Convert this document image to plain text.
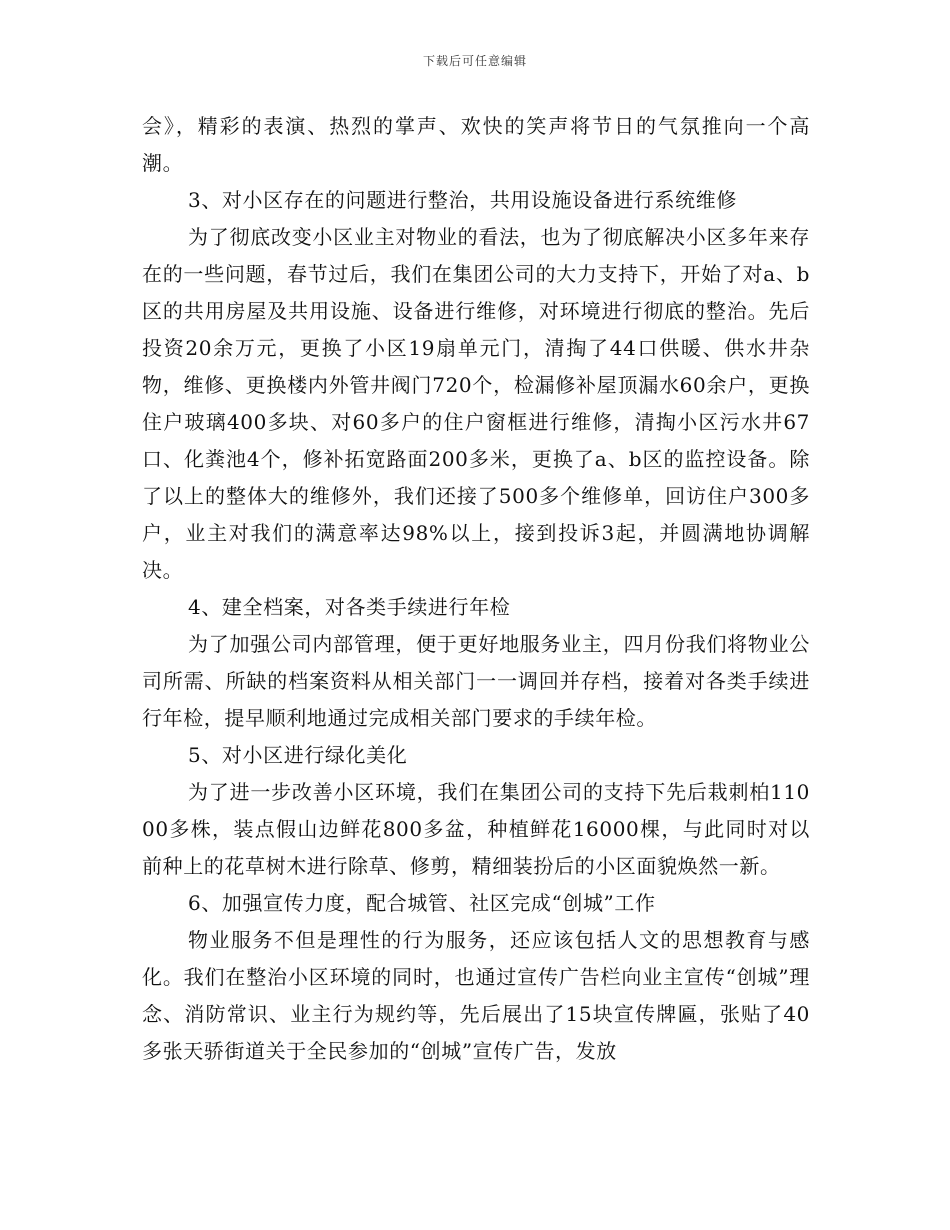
下载后可任意编辑

会》，精彩的表演、热烈的掌声、欢快的笑声将节日的气氛推向一个高潮。

3、对小区存在的问题进行整治，共用设施设备进行系统维修

为了彻底改变小区业主对物业的看法，也为了彻底解决小区多年来存在的一些问题，春节过后，我们在集团公司的大力支持下，开始了对a、b区的共用房屋及共用设施、设备进行维修，对环境进行彻底的整治。先后投资20余万元，更换了小区19扇单元门，清掏了44口供暖、供水井杂物，维修、更换楼内外管井阀门720个，检漏修补屋顶漏水60余户，更换住户玻璃400多块、对60多户的住户窗框进行维修，清掏小区污水井67口、化粪池4个，修补拓宽路面200多米，更换了a、b区的监控设备。除了以上的整体大的维修外，我们还接了500多个维修单，回访住户300多户，业主对我们的满意率达98%以上，接到投诉3起，并圆满地协调解决。

4、建全档案，对各类手续进行年检

为了加强公司内部管理，便于更好地服务业主，四月份我们将物业公司所需、所缺的档案资料从相关部门一一调回并存档，接着对各类手续进行年检，提早顺利地通过完成相关部门要求的手续年检。

5、对小区进行绿化美化

为了进一步改善小区环境，我们在集团公司的支持下先后栽刺柏11000多株，装点假山边鲜花800多盆，种植鲜花16000棵，与此同时对以前种上的花草树木进行除草、修剪，精细装扮后的小区面貌焕然一新。

6、加强宣传力度，配合城管、社区完成“创城”工作

物业服务不但是理性的行为服务，还应该包括人文的思想教育与感化。我们在整治小区环境的同时，也通过宣传广告栏向业主宣传“创城”理念、消防常识、业主行为规约等，先后展出了15块宣传牌匾，张贴了40多张天骄街道关于全民参加的“创城”宣传广告，发放
